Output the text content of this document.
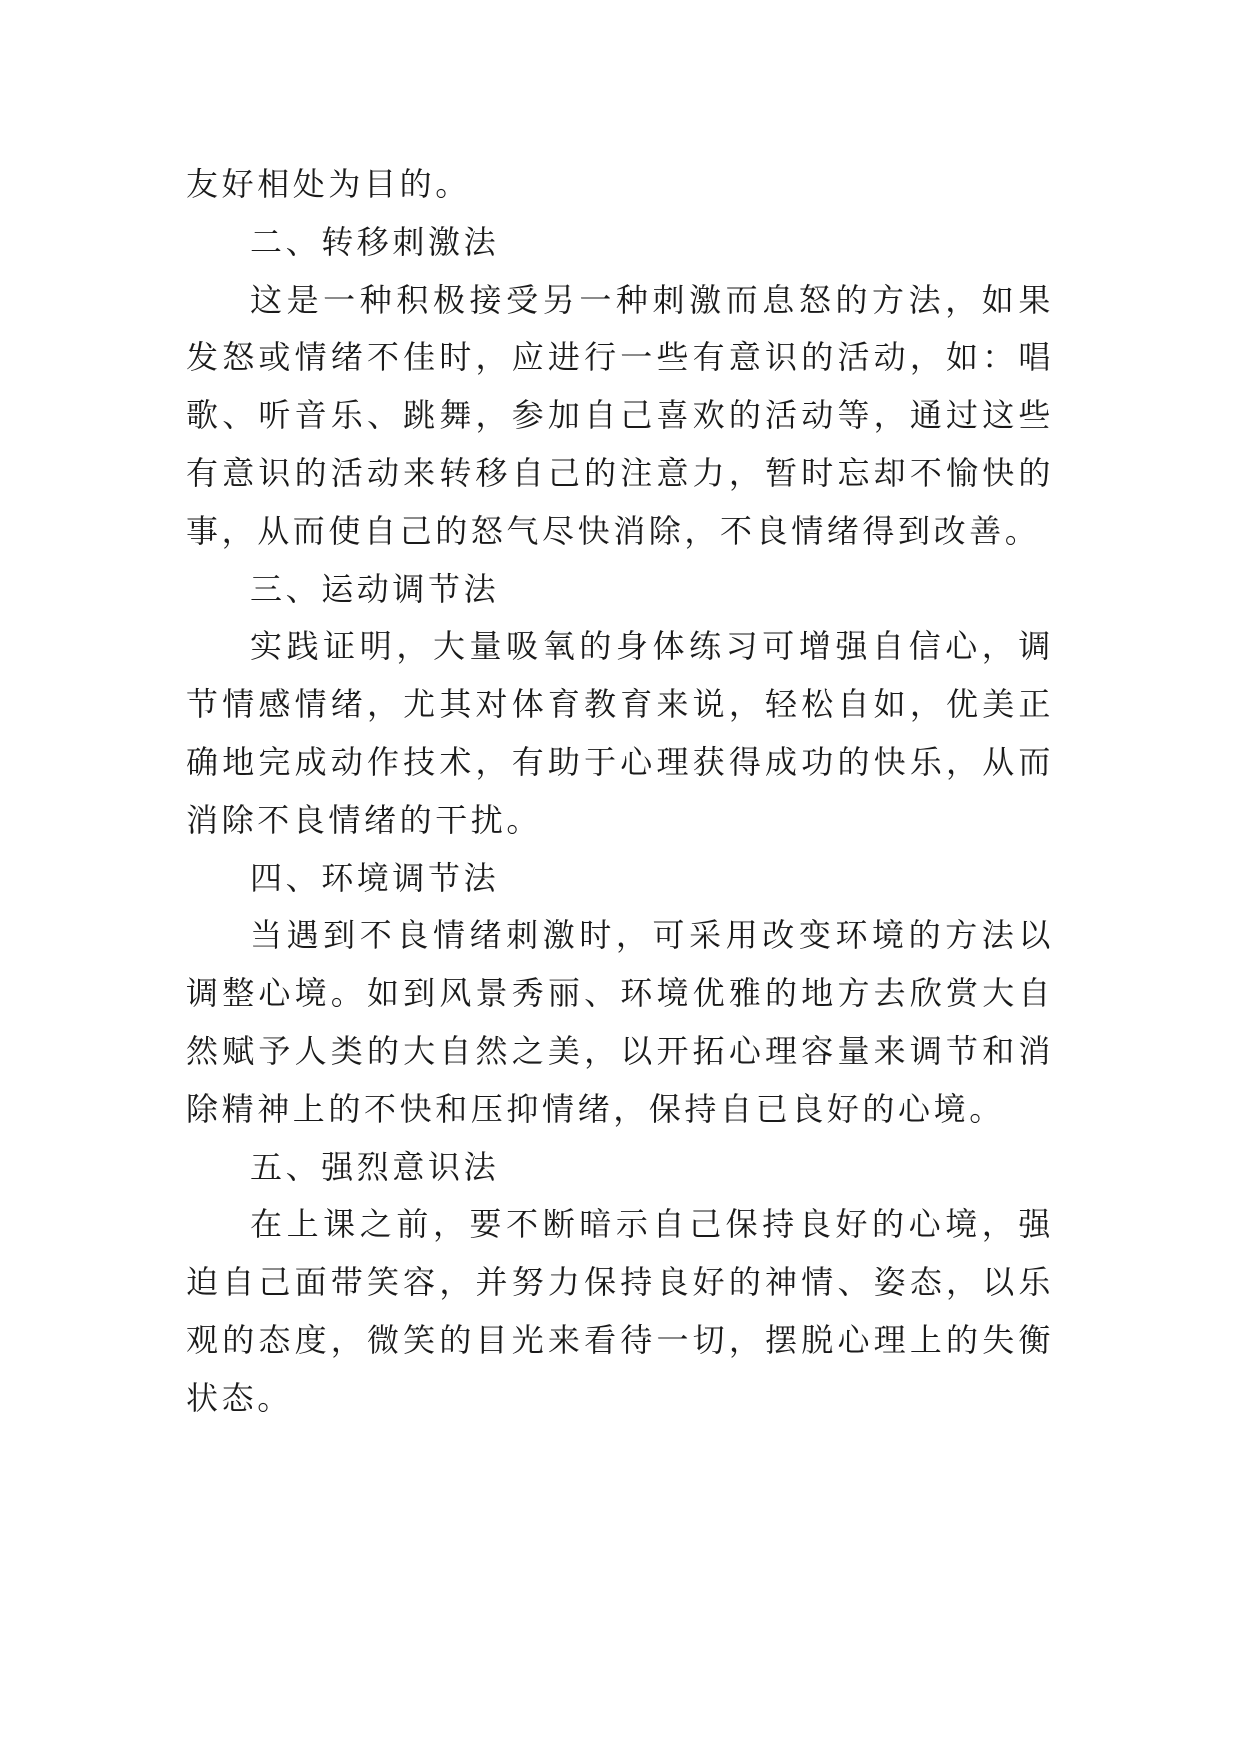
友好相处为目的。

二、转移刺激法

这是一种积极接受另一种刺激而息怒的方法，如果发怒或情绪不佳时，应进行一些有意识的活动，如：唱歌、听音乐、跳舞，参加自己喜欢的活动等，通过这些有意识的活动来转移自己的注意力，暂时忘却不愉快的事，从而使自己的怒气尽快消除，不良情绪得到改善。

三、运动调节法

实践证明，大量吸氧的身体练习可增强自信心，调节情感情绪，尤其对体育教育来说，轻松自如，优美正确地完成动作技术，有助于心理获得成功的快乐，从而消除不良情绪的干扰。

四、环境调节法

当遇到不良情绪刺激时，可采用改变环境的方法以调整心境。如到风景秀丽、环境优雅的地方去欣赏大自然赋予人类的大自然之美，以开拓心理容量来调节和消除精神上的不快和压抑情绪，保持自已良好的心境。

五、强烈意识法

在上课之前，要不断暗示自己保持良好的心境，强迫自己面带笑容，并努力保持良好的神情、姿态，以乐观的态度，微笑的目光来看待一切，摆脱心理上的失衡状态。
